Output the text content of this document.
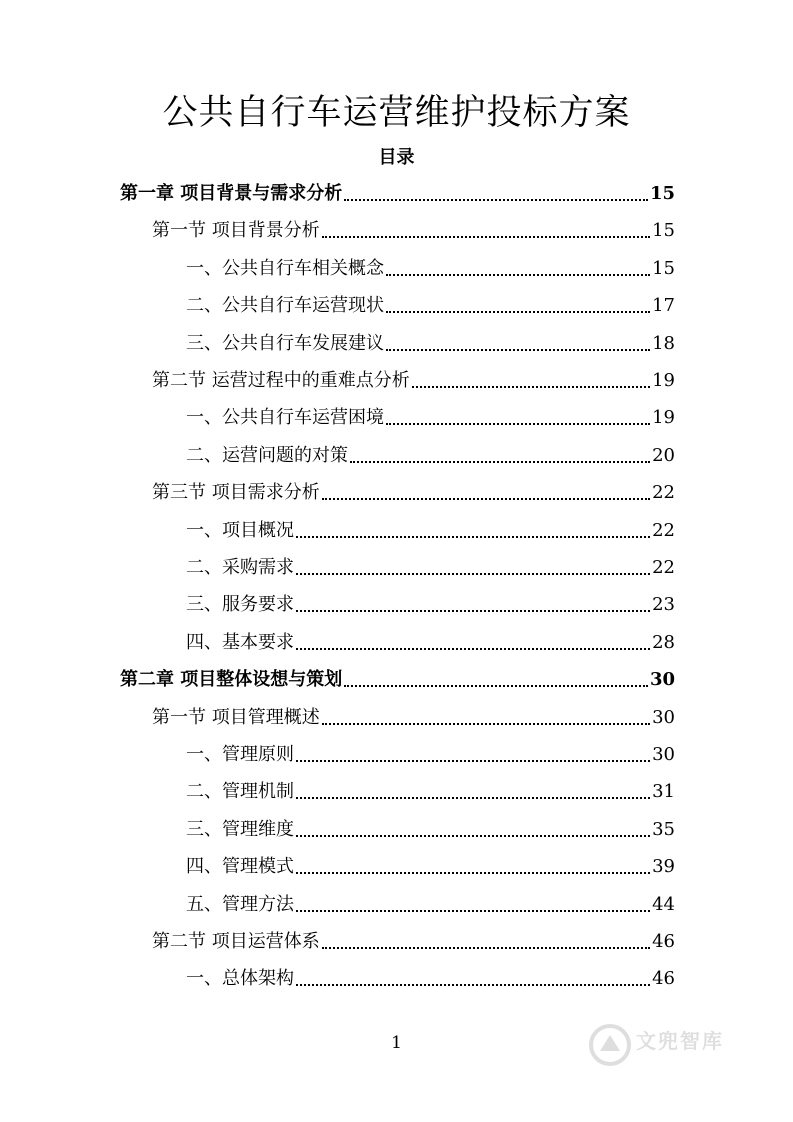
公共自行车运营维护投标方案
目录
第一章 项目背景与需求分析	15
第一节 项目背景分析	15
一、公共自行车相关概念	15
二、公共自行车运营现状	17
三、公共自行车发展建议	18
第二节 运营过程中的重难点分析	19
一、公共自行车运营困境	19
二、运营问题的对策	20
第三节 项目需求分析	22
一、项目概况	22
二、采购需求	22
三、服务要求	23
四、基本要求	28
第二章 项目整体设想与策划	30
第一节 项目管理概述	30
一、管理原则	30
二、管理机制	31
三、管理维度	35
四、管理模式	39
五、管理方法	44
第二节 项目运营体系	46
一、总体架构	46
1	文兜智库
